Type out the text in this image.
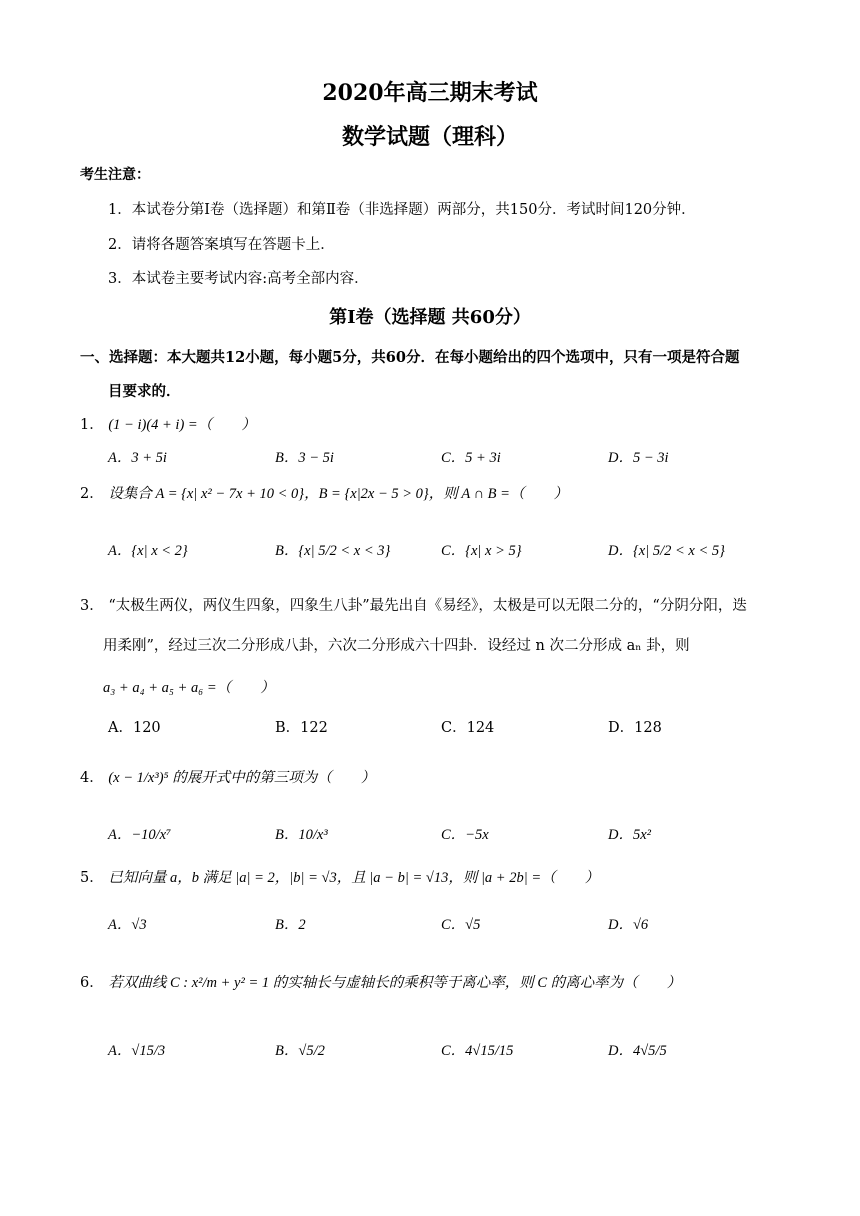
2020年高三期末考试
数学试题（理科）
考生注意：
1．本试卷分第Ⅰ卷（选择题）和第Ⅱ卷（非选择题）两部分，共150分．考试时间120分钟．
2．请将各题答案填写在答题卡上．
3．本试卷主要考试内容:高考全部内容．
第Ⅰ卷（选择题 共60分）
一、选择题：本大题共12小题，每小题5分，共60分．在每小题给出的四个选项中，只有一项是符合题
目要求的．
1． (1 − i)(4 + i) =（　　）
A．3 + 5i	B．3 − 5i	C．5 + 3i	D．5 − 3i
2． 设集合 A = {x| x² − 7x + 10 < 0}，B = {x|2x − 5 > 0}，则 A ∩ B =（　　）
A．{x| x < 2}	B．{x| 5/2 < x < 3}	C．{x| x > 5}	D．{x| 5/2 < x < 5}
3． “太极生两仪，两仪生四象，四象生八卦”最先出自《易经》，太极是可以无限二分的，“分阴分阳，迭
用柔刚”，经过三次二分形成八卦，六次二分形成六十四卦．设经过 n 次二分形成 aₙ 卦，则
a₃ + a₄ + a₅ + a₆ =（　　）
A．120	B．122	C．124	D．128
4． (x − 1/x³)⁵ 的展开式中的第三项为（　　）
A．−10/x⁷	B．10/x³	C．−5x	D．5x²
5． 已知向量 a，b 满足 |a| = 2，|b| = √3，且 |a − b| = √13，则 |a + 2b| =（　　）
A．√3	B．2	C．√5	D．√6
6． 若双曲线 C : x²/m + y² = 1 的实轴长与虚轴长的乘积等于离心率，则 C 的离心率为（　　）
A．√15/3	B．√5/2	C．4√15/15	D．4√5/5
